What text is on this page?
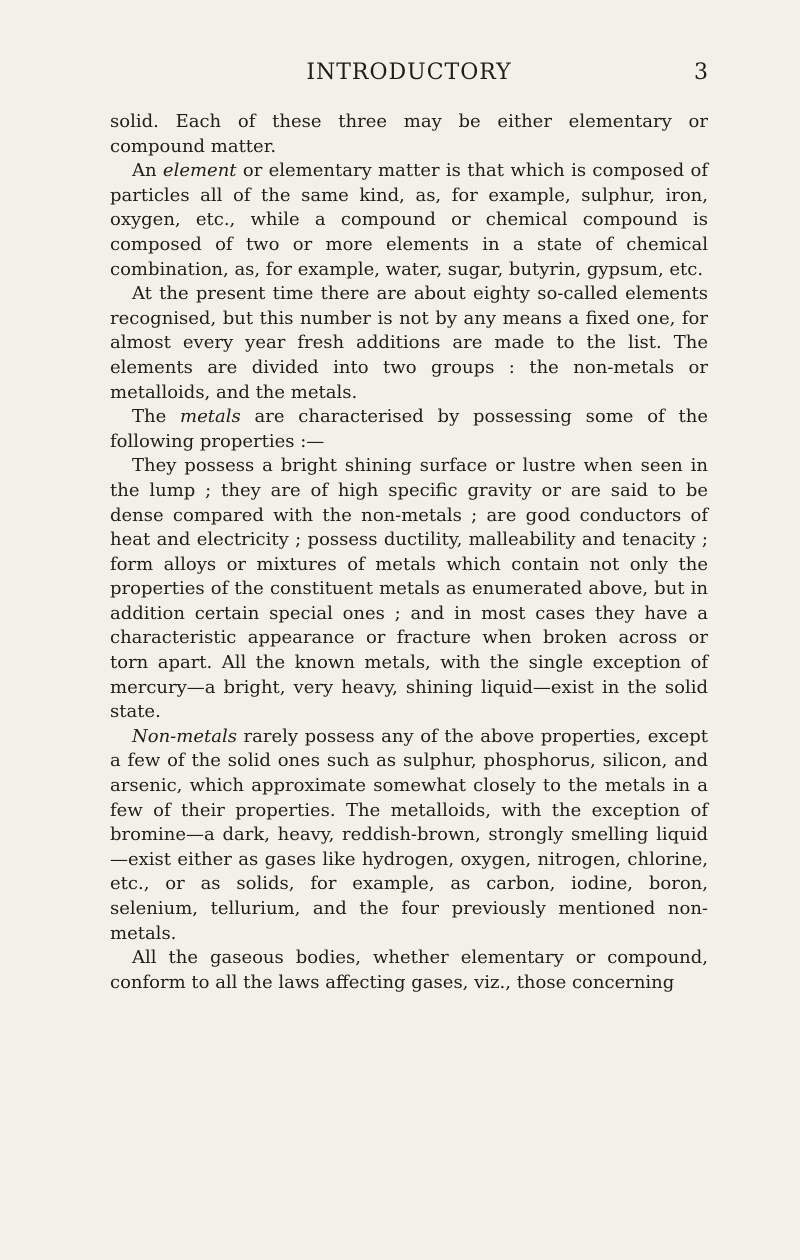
INTRODUCTORY	3

solid. Each of these three may be either elementary or compound matter.

An element or elementary matter is that which is composed of particles all of the same kind, as, for example, sulphur, iron, oxygen, etc., while a compound or chemical compound is composed of two or more elements in a state of chemical combination, as, for example, water, sugar, butyrin, gypsum, etc.

At the present time there are about eighty so-called elements recognised, but this number is not by any means a fixed one, for almost every year fresh additions are made to the list. The elements are divided into two groups : the non-metals or metalloids, and the metals.

The metals are characterised by possessing some of the following properties :—

They possess a bright shining surface or lustre when seen in the lump ; they are of high specific gravity or are said to be dense compared with the non-metals ; are good conductors of heat and electricity ; possess ductility, malleability and tenacity ; form alloys or mixtures of metals which contain not only the properties of the constituent metals as enumerated above, but in addition certain special ones ; and in most cases they have a characteristic appearance or fracture when broken across or torn apart. All the known metals, with the single exception of mercury—a bright, very heavy, shining liquid—exist in the solid state.

Non-metals rarely possess any of the above properties, except a few of the solid ones such as sulphur, phosphorus, silicon, and arsenic, which approximate somewhat closely to the metals in a few of their properties. The metalloids, with the exception of bromine—a dark, heavy, reddish-brown, strongly smelling liquid—exist either as gases like hydrogen, oxygen, nitrogen, chlorine, etc., or as solids, for example, as carbon, iodine, boron, selenium, tellurium, and the four previously mentioned non-metals.

All the gaseous bodies, whether elementary or compound, conform to all the laws affecting gases, viz., those concerning
